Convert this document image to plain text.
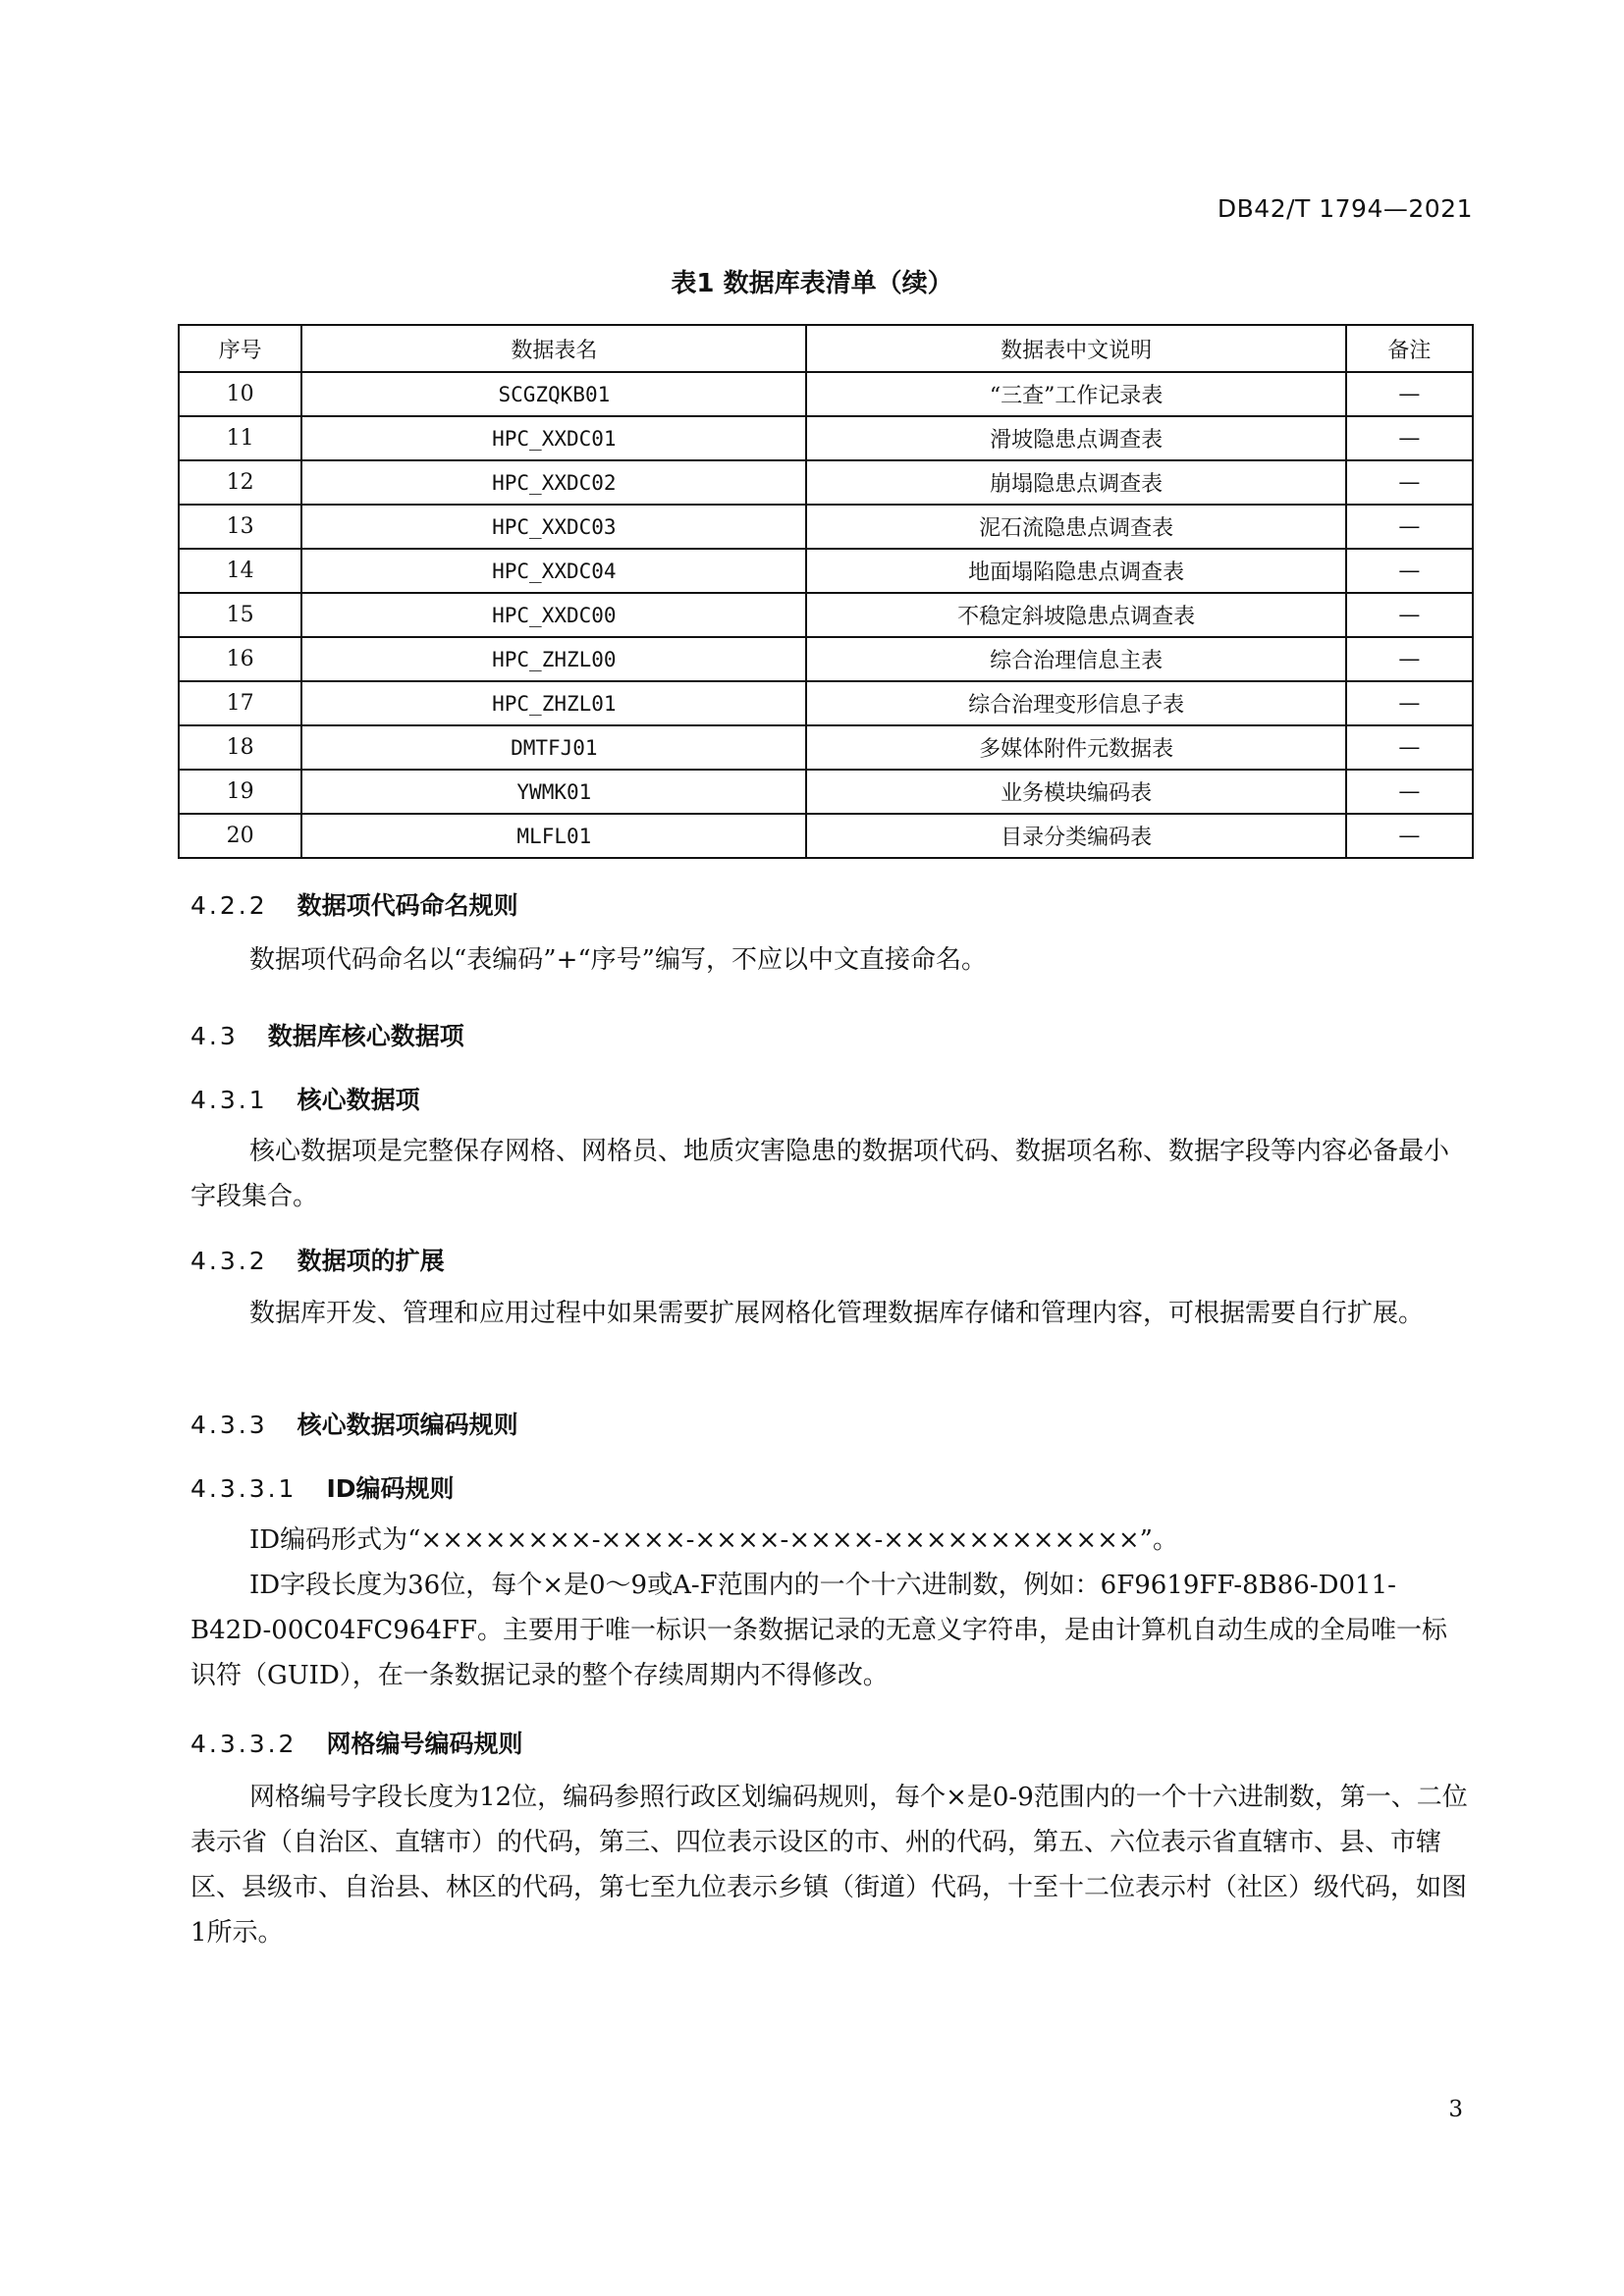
DB42/T 1794—2021
表1 数据库表清单（续）
序号	数据表名	数据表中文说明	备注
10	SCGZQKB01	“三查”工作记录表	—
11	HPC_XXDC01	滑坡隐患点调查表	—
12	HPC_XXDC02	崩塌隐患点调查表	—
13	HPC_XXDC03	泥石流隐患点调查表	—
14	HPC_XXDC04	地面塌陷隐患点调查表	—
15	HPC_XXDC00	不稳定斜坡隐患点调查表	—
16	HPC_ZHZL00	综合治理信息主表	—
17	HPC_ZHZL01	综合治理变形信息子表	—
18	DMTFJ01	多媒体附件元数据表	—
19	YWMK01	业务模块编码表	—
20	MLFL01	目录分类编码表	—
4.2.2 数据项代码命名规则
数据项代码命名以“表编码”+“序号”编写，不应以中文直接命名。
4.3 数据库核心数据项
4.3.1 核心数据项
核心数据项是完整保存网格、网格员、地质灾害隐患的数据项代码、数据项名称、数据字段等内容必备最小字段集合。
4.3.2 数据项的扩展
数据库开发、管理和应用过程中如果需要扩展网格化管理数据库存储和管理内容，可根据需要自行扩展。
4.3.3 核心数据项编码规则
4.3.3.1 ID编码规则
ID编码形式为“××××××××-××××-××××-××××-××××××××××××”。
ID字段长度为36位，每个×是0～9或A-F范围内的一个十六进制数，例如：6F9619FF-8B86-D011-B42D-00C04FC964FF。主要用于唯一标识一条数据记录的无意义字符串，是由计算机自动生成的全局唯一标识符（GUID），在一条数据记录的整个存续周期内不得修改。
4.3.3.2 网格编号编码规则
网格编号字段长度为12位，编码参照行政区划编码规则，每个×是0-9范围内的一个十六进制数，第一、二位表示省（自治区、直辖市）的代码，第三、四位表示设区的市、州的代码，第五、六位表示省直辖市、县、市辖区、县级市、自治县、林区的代码，第七至九位表示乡镇（街道）代码，十至十二位表示村（社区）级代码，如图1所示。
3
